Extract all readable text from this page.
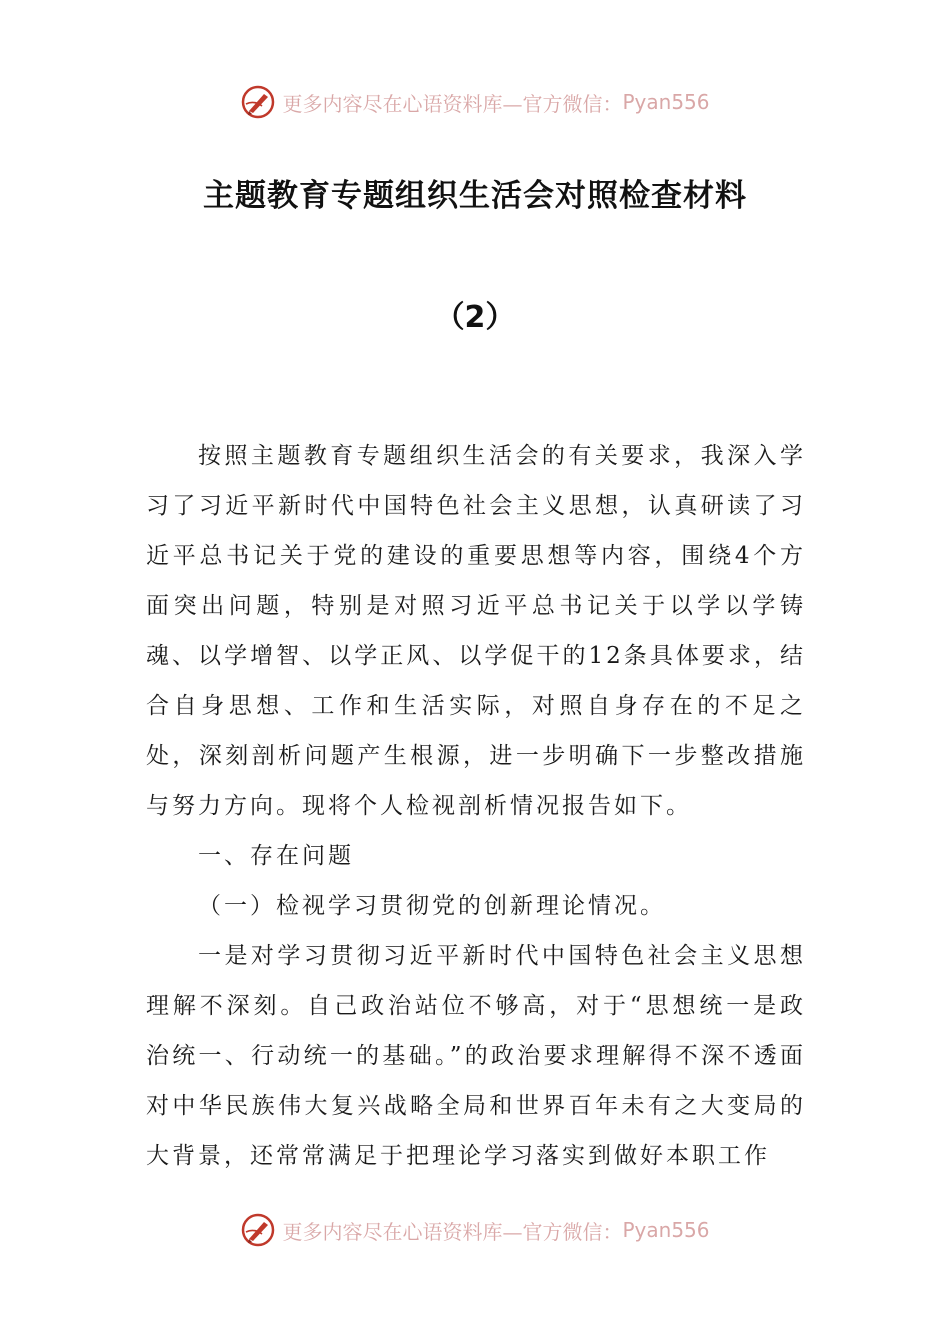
更多内容尽在心语资料库—官方微信： Pyan556
主题教育专题组织生活会对照检查材料
（2）

按照主题教育专题组织生活会的有关要求，我深入学习了习近平新时代中国特色社会主义思想，认真研读了习近平总书记关于党的建设的重要思想等内容，围绕4个方面突出问题，特别是对照习近平总书记关于以学以学铸魂、以学增智、以学正风、以学促干的12条具体要求，结合自身思想、工作和生活实际，对照自身存在的不足之处，深刻剖析问题产生根源，进一步明确下一步整改措施与努力方向。现将个人检视剖析情况报告如下。

一、存在问题

（一）检视学习贯彻党的创新理论情况。

一是对学习贯彻习近平新时代中国特色社会主义思想理解不深刻。自己政治站位不够高，对于“思想统一是政治统一、行动统一的基础。”的政治要求理解得不深不透面对中华民族伟大复兴战略全局和世界百年未有之大变局的大背景，还常常满足于把理论学习落实到做好本职工作

更多内容尽在心语资料库—官方微信： Pyan556
